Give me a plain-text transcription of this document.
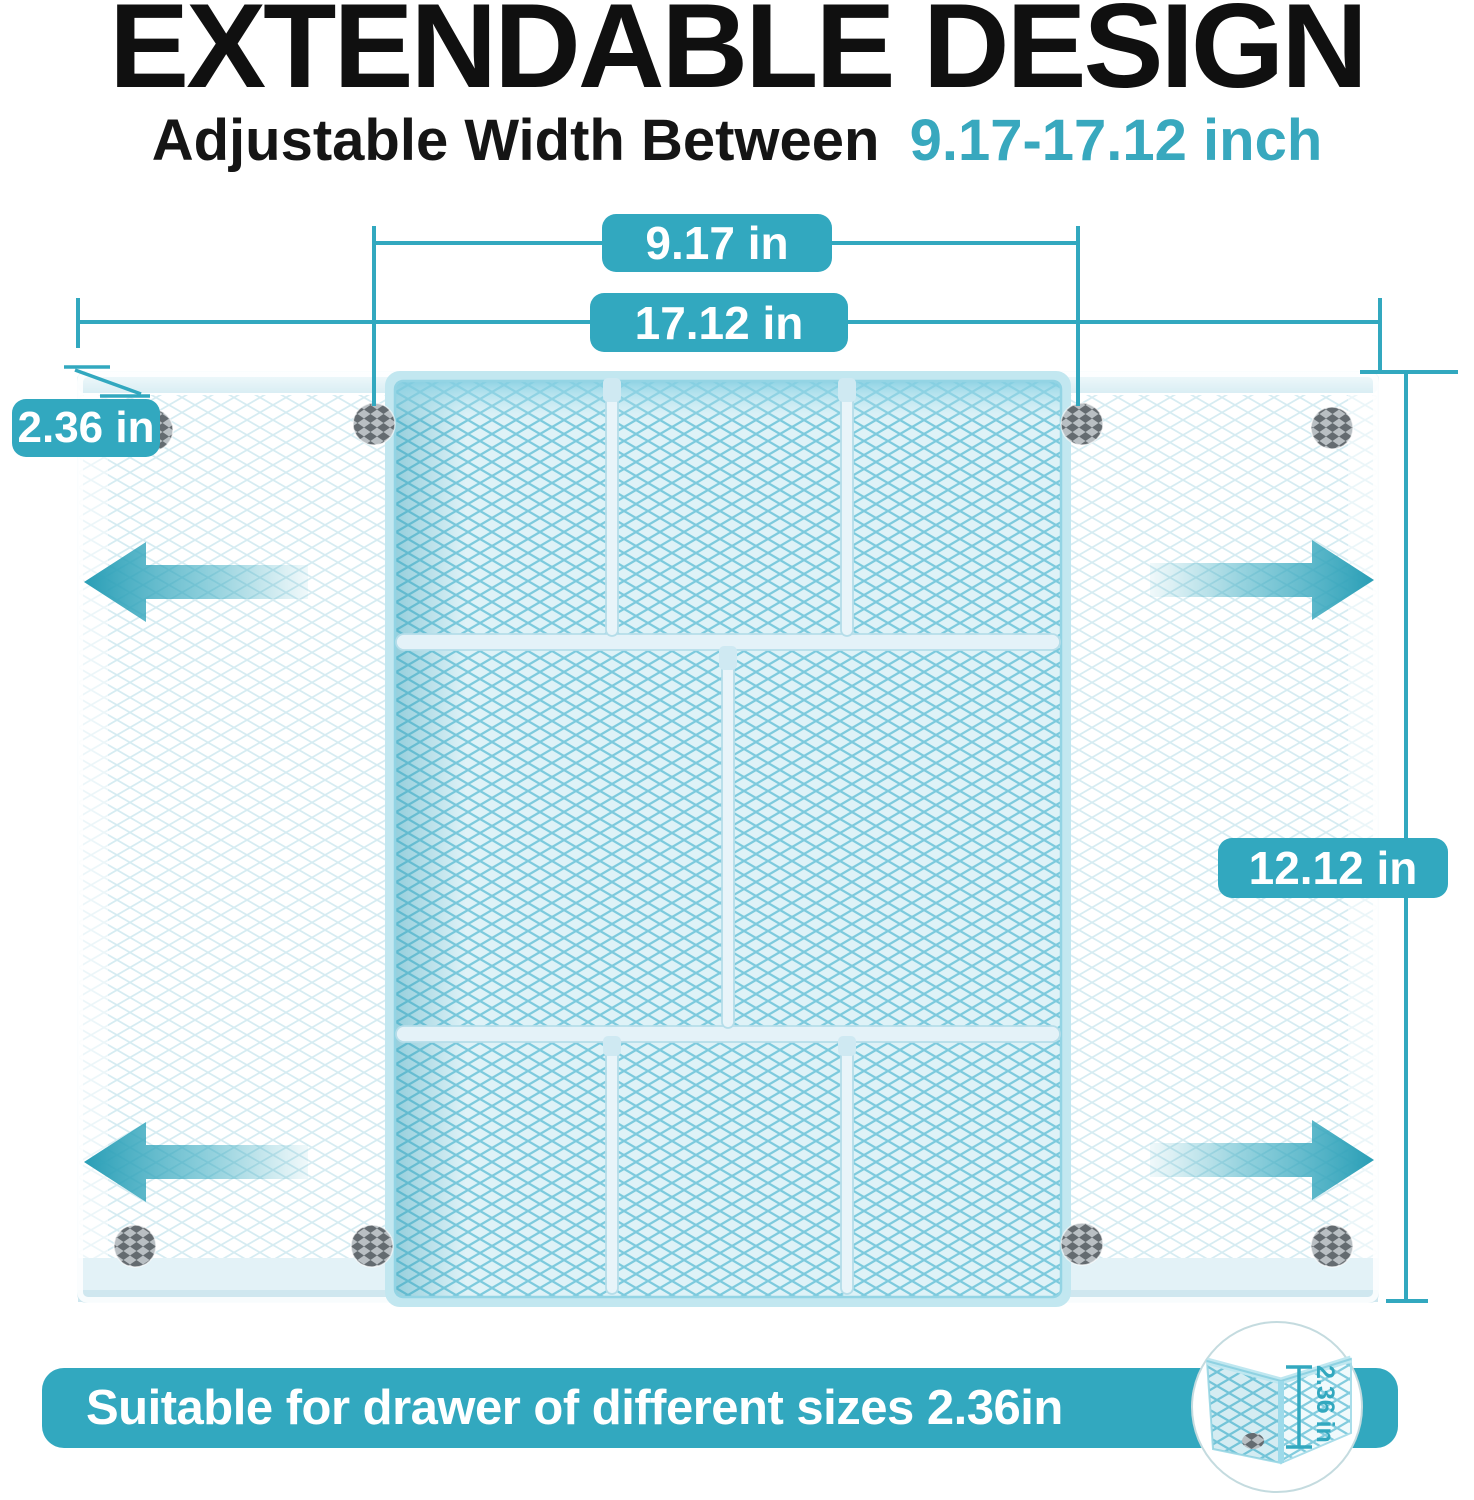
EXTENDABLE DESIGN
Adjustable Width Between 9.17-17.12 inch
9.17 in
17.12 in
2.36 in
12.12 in
Suitable for drawer of different sizes 2.36in	2.36 in
